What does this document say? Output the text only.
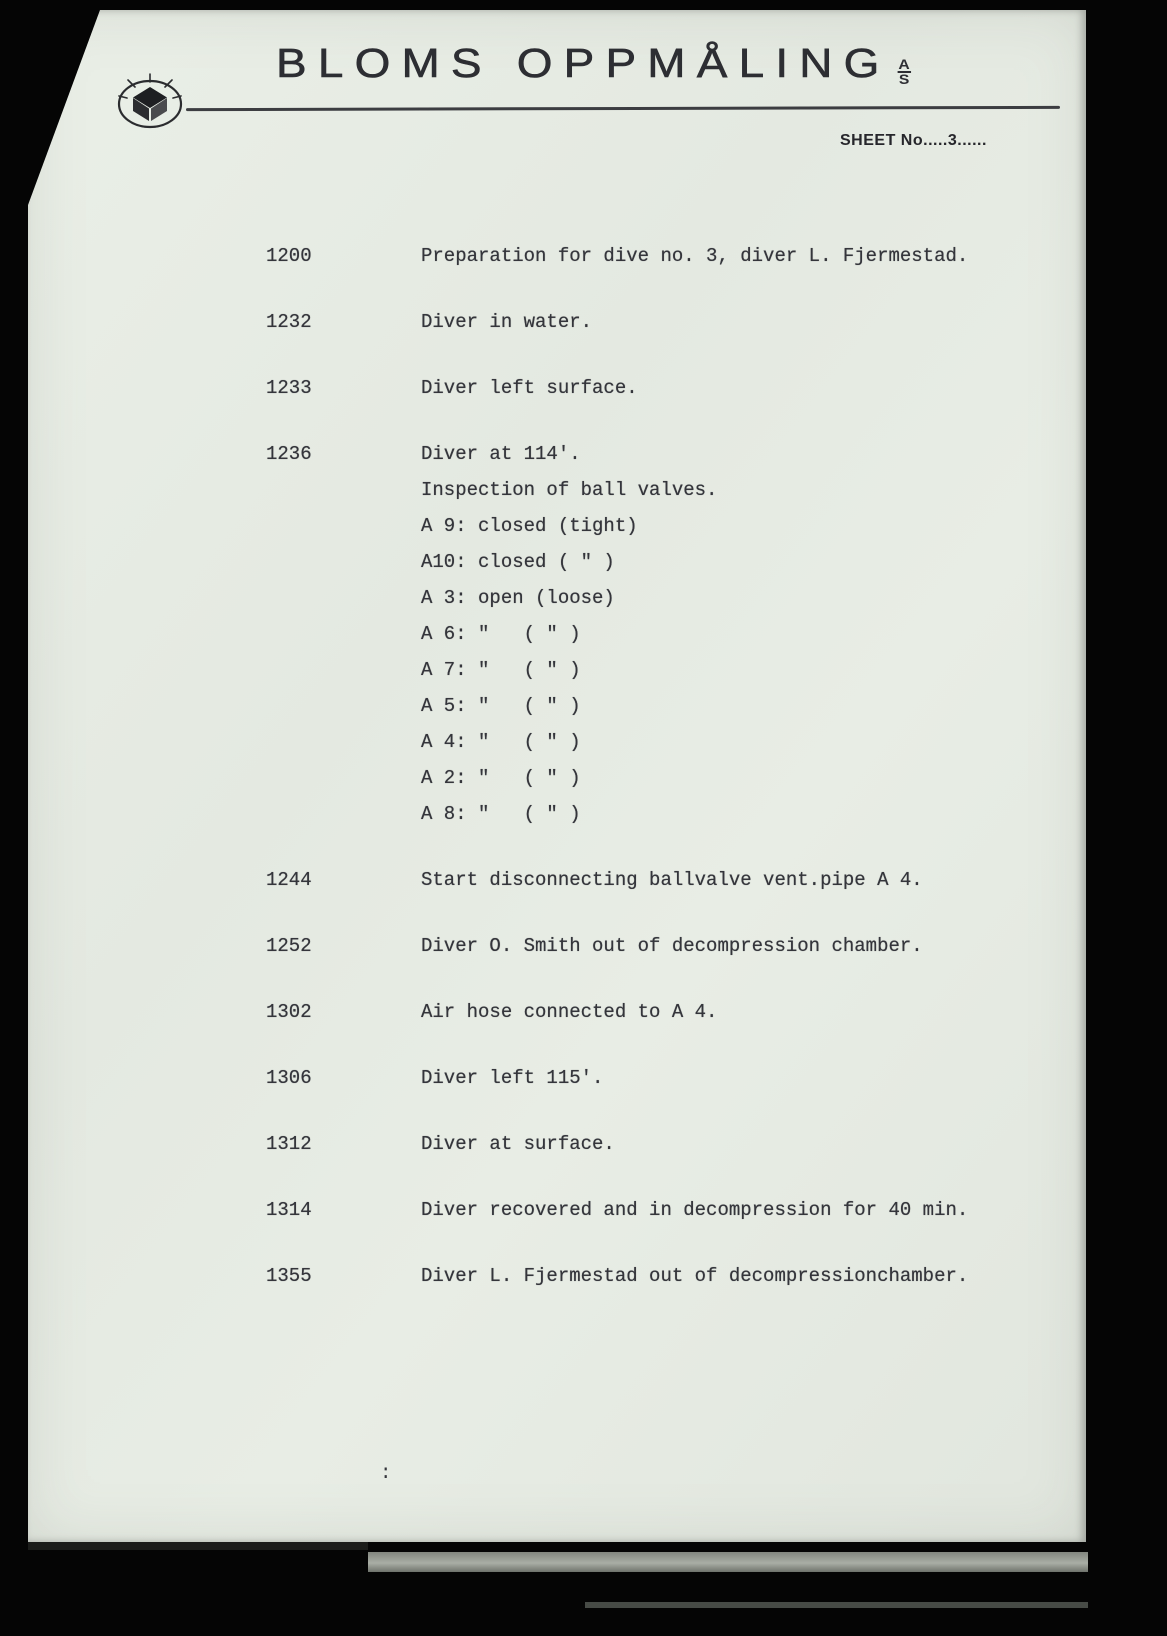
BLOMS OPPMÅLING $\frac{A}{S}$
SHEET No.....3......
1200	Preparation for dive no. 3, diver L. Fjermestad.
1232	Diver in water.
1233	Diver left surface.
1236	Diver at 114'.
Inspection of ball valves.
A 9: closed (tight)
A10: closed ( " )
A 3: open (loose)
A 6: "   ( " )
A 7: "   ( " )
A 5: "   ( " )
A 4: "   ( " )
A 2: "   ( " )
A 8: "   ( " )
1244	Start disconnecting ballvalve vent.pipe A 4.
1252	Diver O. Smith out of decompression chamber.
1302	Air hose connected to A 4.
1306	Diver left 115'.
1312	Diver at surface.
1314	Diver recovered and in decompression for 40 min.
1355	Diver L. Fjermestad out of decompressionchamber.
:
